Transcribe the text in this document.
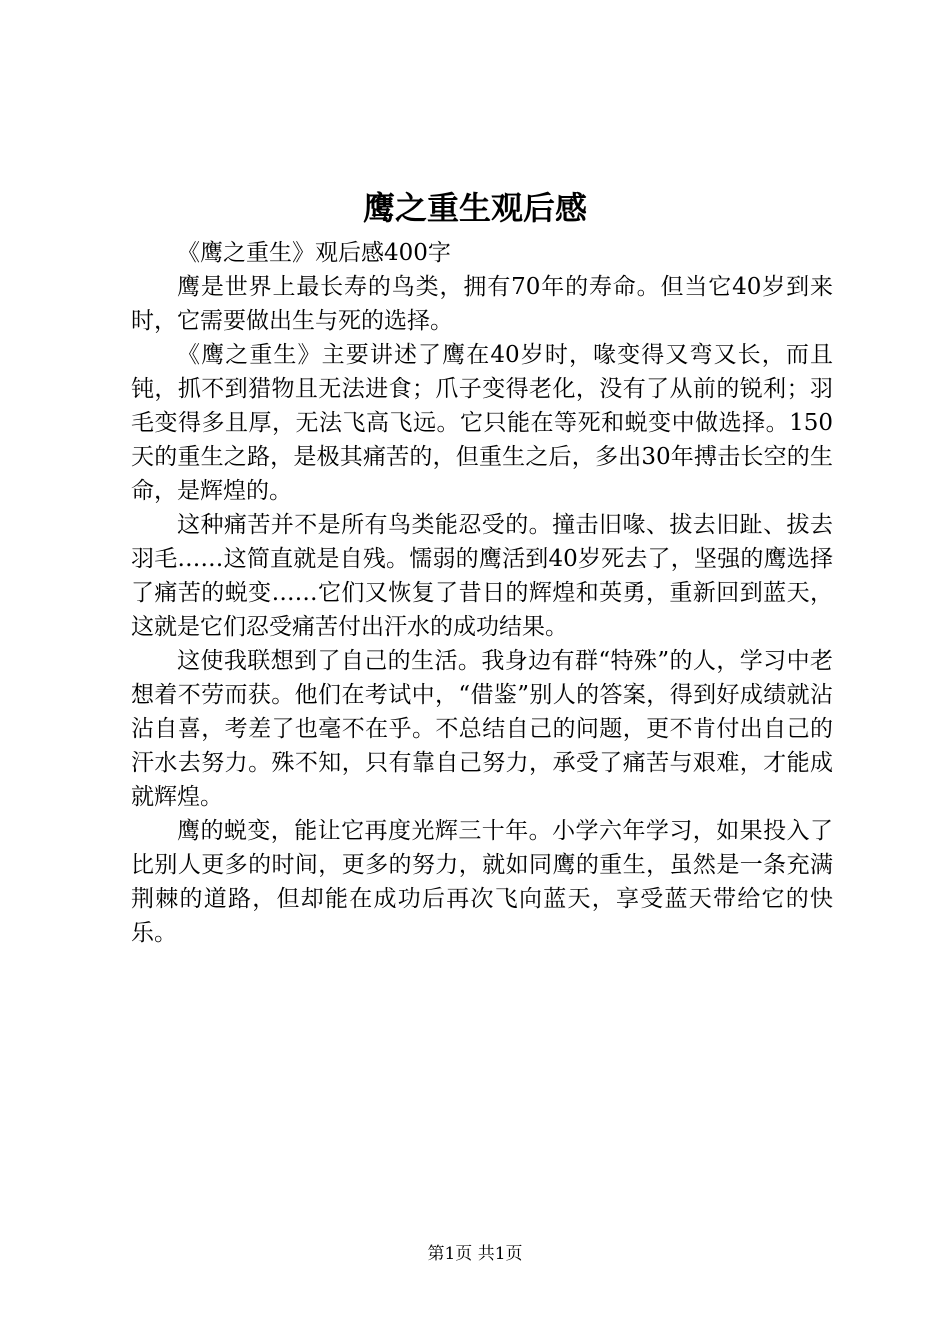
鹰之重生观后感

《鹰之重生》观后感400字

鹰是世界上最长寿的鸟类，拥有70年的寿命。但当它40岁到来时，它需要做出生与死的选择。

《鹰之重生》主要讲述了鹰在40岁时，喙变得又弯又长，而且钝，抓不到猎物且无法进食；爪子变得老化，没有了从前的锐利；羽毛变得多且厚，无法飞高飞远。它只能在等死和蜕变中做选择。150天的重生之路，是极其痛苦的，但重生之后，多出30年搏击长空的生命，是辉煌的。

这种痛苦并不是所有鸟类能忍受的。撞击旧喙、拔去旧趾、拔去羽毛……这简直就是自残。懦弱的鹰活到40岁死去了，坚强的鹰选择了痛苦的蜕变……它们又恢复了昔日的辉煌和英勇，重新回到蓝天，这就是它们忍受痛苦付出汗水的成功结果。

这使我联想到了自己的生活。我身边有群“特殊”的人，学习中老想着不劳而获。他们在考试中，“借鉴”别人的答案，得到好成绩就沾沾自喜，考差了也毫不在乎。不总结自己的问题，更不肯付出自己的汗水去努力。殊不知，只有靠自己努力，承受了痛苦与艰难，才能成就辉煌。

鹰的蜕变，能让它再度光辉三十年。小学六年学习，如果投入了比别人更多的时间，更多的努力，就如同鹰的重生，虽然是一条充满荆棘的道路，但却能在成功后再次飞向蓝天，享受蓝天带给它的快乐。

第1页 共1页
